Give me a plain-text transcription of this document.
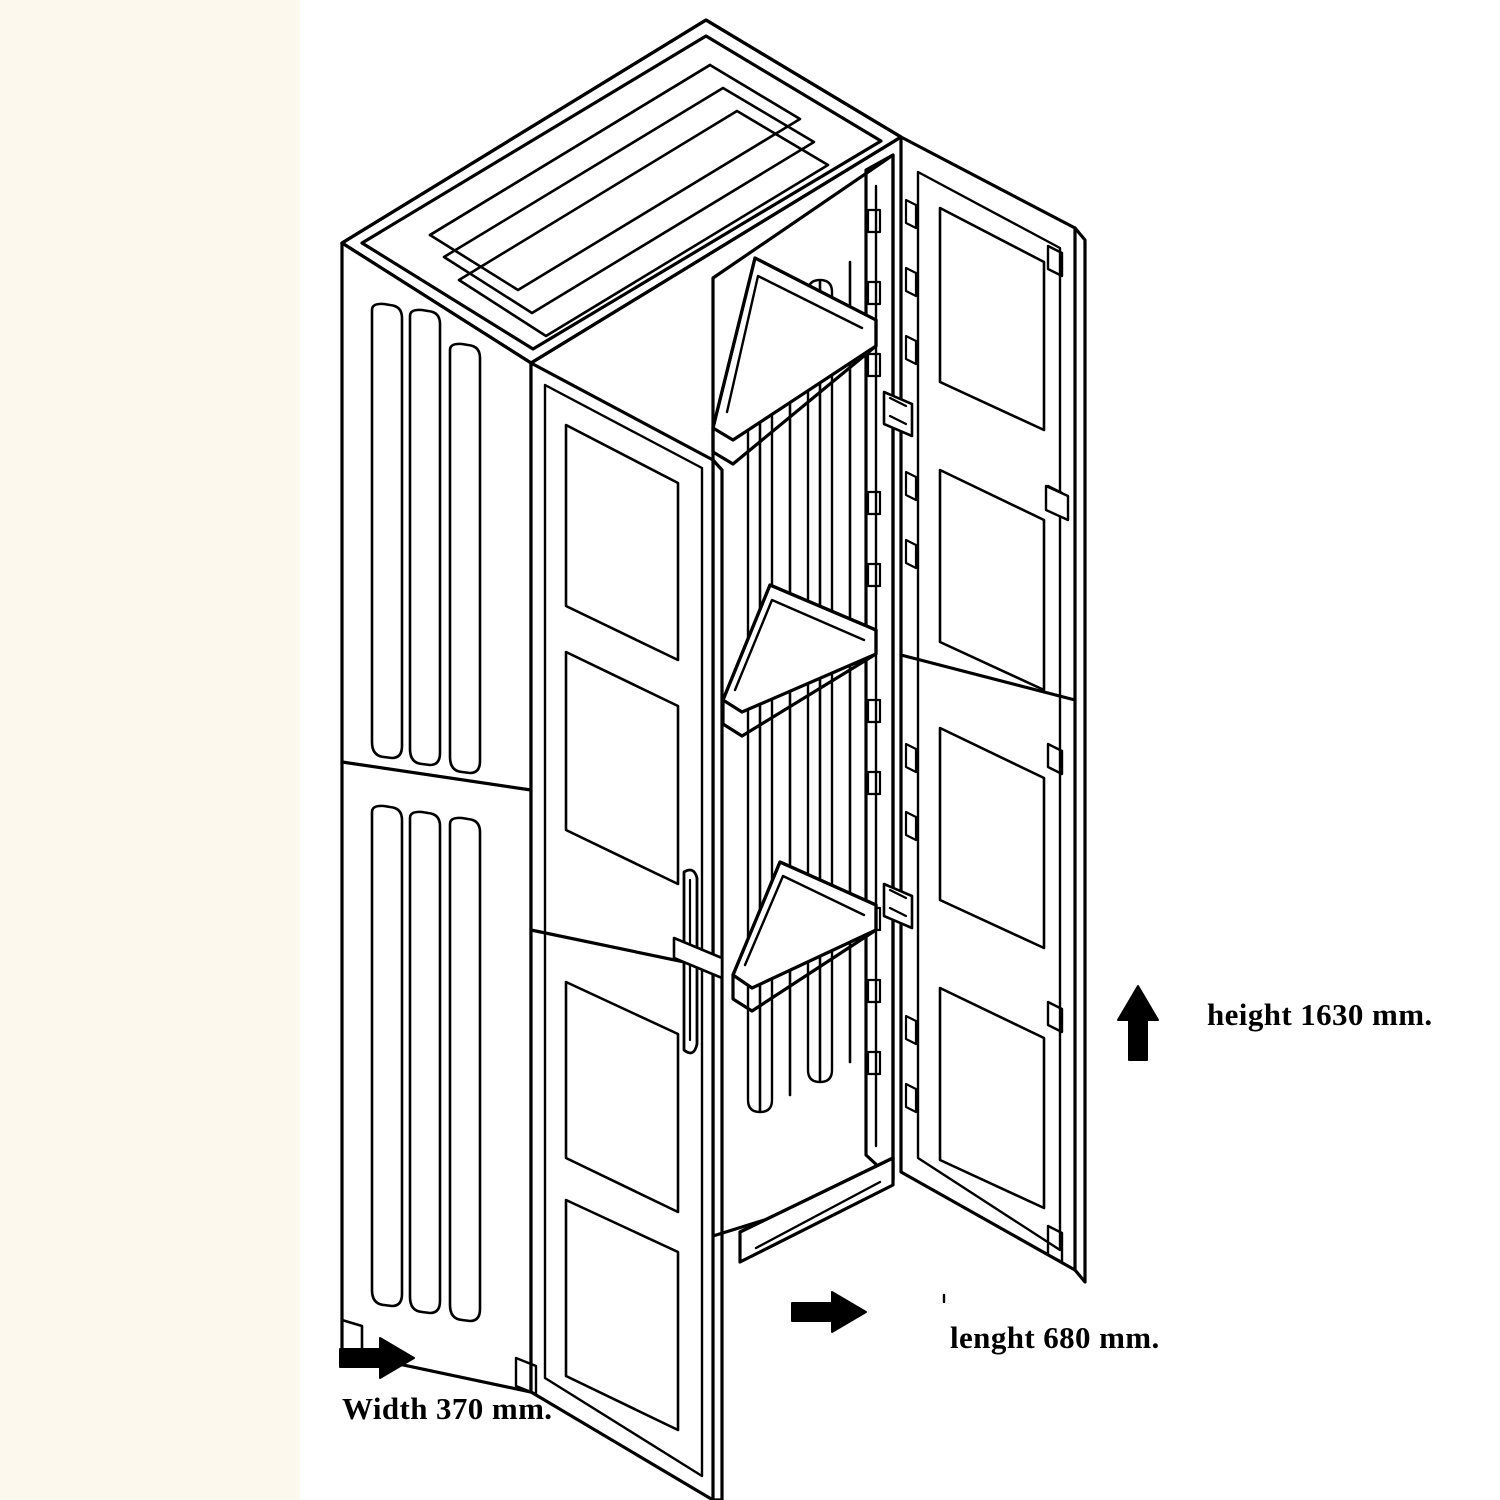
height 1630 mm.
lenght 680 mm.
Width 370 mm.
